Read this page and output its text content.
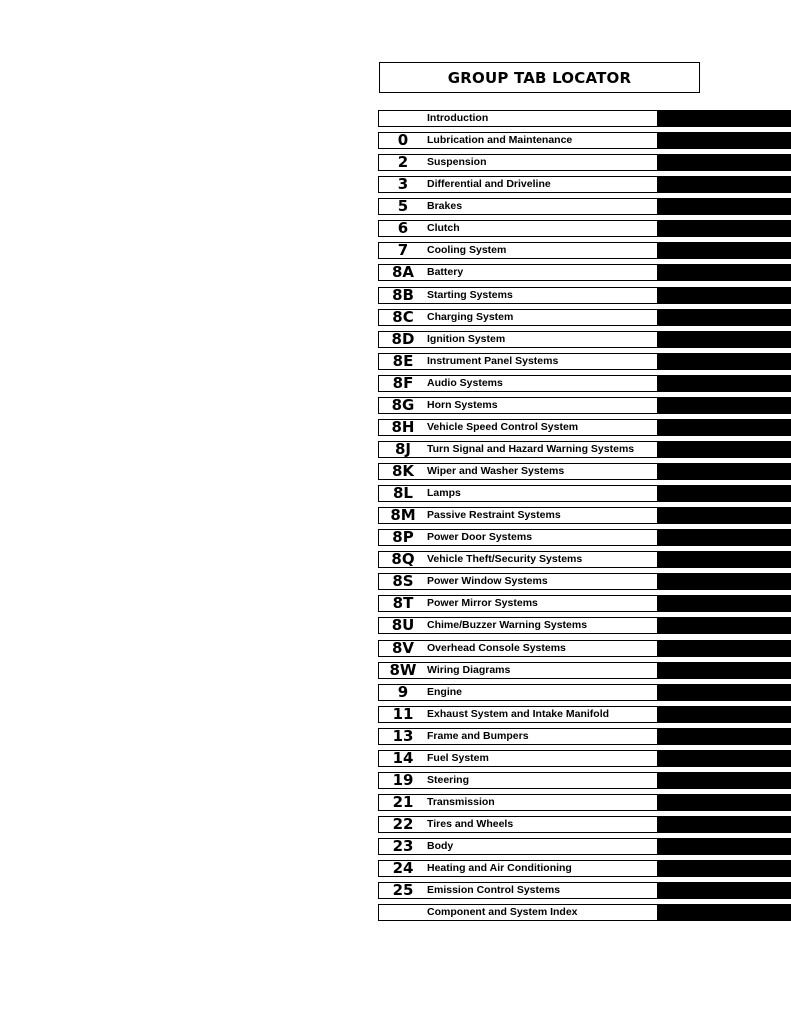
GROUP TAB LOCATOR
Introduction
0	Lubrication and Maintenance
2	Suspension
3	Differential and Driveline
5	Brakes
6	Clutch
7	Cooling System
8A	Battery
8B	Starting Systems
8C	Charging System
8D	Ignition System
8E	Instrument Panel Systems
8F	Audio Systems
8G	Horn Systems
8H	Vehicle Speed Control System
8J	Turn Signal and Hazard Warning Systems
8K	Wiper and Washer Systems
8L	Lamps
8M	Passive Restraint Systems
8P	Power Door Systems
8Q	Vehicle Theft/Security Systems
8S	Power Window Systems
8T	Power Mirror Systems
8U	Chime/Buzzer Warning Systems
8V	Overhead Console Systems
8W	Wiring Diagrams
9	Engine
11	Exhaust System and Intake Manifold
13	Frame and Bumpers
14	Fuel System
19	Steering
21	Transmission
22	Tires and Wheels
23	Body
24	Heating and Air Conditioning
25	Emission Control Systems
Component and System Index
